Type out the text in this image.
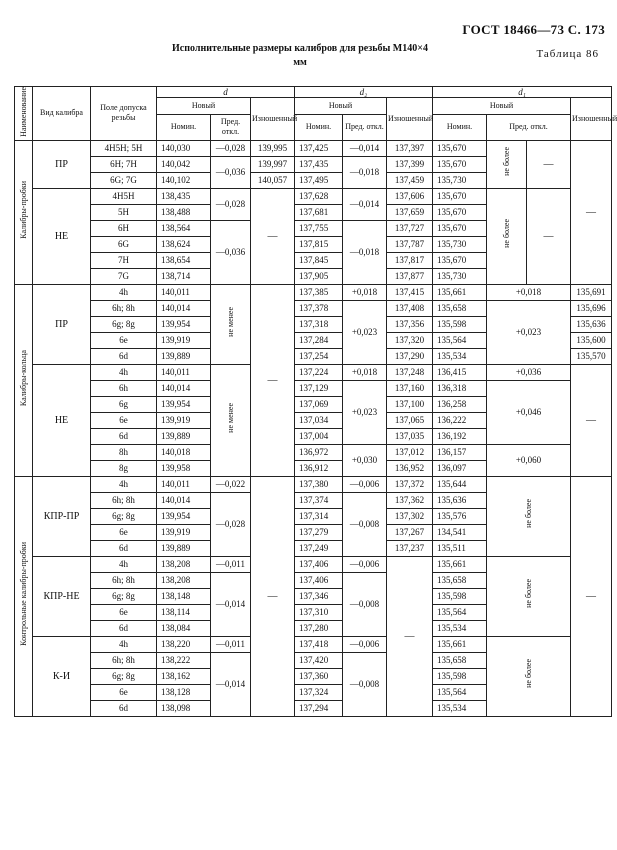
ГОСТ 18466—73 С. 173
Таблица 86
Исполнительные размеры калибров для резьбы М140×4
мм
Наименование	Вид калибра	Поле допуска резьбы	d			d₂			d₁			
			Новый		Изношенный	Новый		Изношенный	Новый			Изношенный
			Номин.	Пред. откл.		Номин.	Пред. откл.		Номин.	Пред. откл.		
Калибры-пробки	ПР	4H5H; 5H	140,030	—0,028	139,995	137,425	—0,014	137,397	135,670	не более	—	—
		6H; 7H	140,042	—0,036	139,997	137,435	—0,018	137,399	135,670			
		6G; 7G	140,102		140,057	137,495		137,459	135,730			
	НЕ	4H5H	138,435	—0,028	—	137,628	—0,014	137,606	135,670	не более	—	
		5H	138,488			137,681		137,659	135,670			
		6H	138,564	—0,036		137,755	—0,018	137,727	135,670			
		6G	138,624			137,815		137,787	135,730			
		7H	138,654			137,845		137,817	135,670			
		7G	138,714			137,905		137,877	135,730			
Калибры-кольца	ПР	4h	140,011	не менее	—	137,385	+0,018	137,415	135,661	+0,018		135,691
		6h; 8h	140,014			137,378	+0,023	137,408	135,658	+0,023		135,696
		6g; 8g	139,954			137,318		137,356	135,598			135,636
		6e	139,919			137,284		137,320	135,564			135,600
		6d	139,889			137,254		137,290	135,534			135,570
	НЕ	4h	140,011	не менее		137,224	+0,018	137,248	136,415	+0,036		—
		6h	140,014			137,129	+0,023	137,160	136,318	+0,046		
		6g	139,954			137,069		137,100	136,258			
		6e	139,919			137,034		137,065	136,222			
		6d	139,889			137,004		137,035	136,192			
		8h	140,018			136,972	+0,030	137,012	136,157	+0,060		
		8g	139,958			136,912		136,952	136,097			
Контрольные калибры-пробки	КПР-ПР	4h	140,011	—0,022	—	137,380	—0,006	137,372	135,644	не более		—
		6h; 8h	140,014	—0,028		137,374	—0,008	137,362	135,636			
		6g; 8g	139,954			137,314		137,302	135,576			
		6e	139,919			137,279		137,267	134,541			
		6d	139,889			137,249		137,237	135,511			
	КПР-НЕ	4h	138,208	—0,011		137,406	—0,006	—	135,661	не более		
		6h; 8h	138,208	—0,014		137,406	—0,008		135,658			
		6g; 8g	138,148			137,346			135,598			
		6e	138,114			137,310			135,564			
		6d	138,084			137,280			135,534			
	К-И	4h	138,220	—0,011		137,418	—0,006		135,661	не более		
		6h; 8h	138,222	—0,014		137,420	—0,008		135,658			
		6g; 8g	138,162			137,360			135,598			
		6e	138,128			137,324			135,564			
		6d	138,098			137,294			135,534			
